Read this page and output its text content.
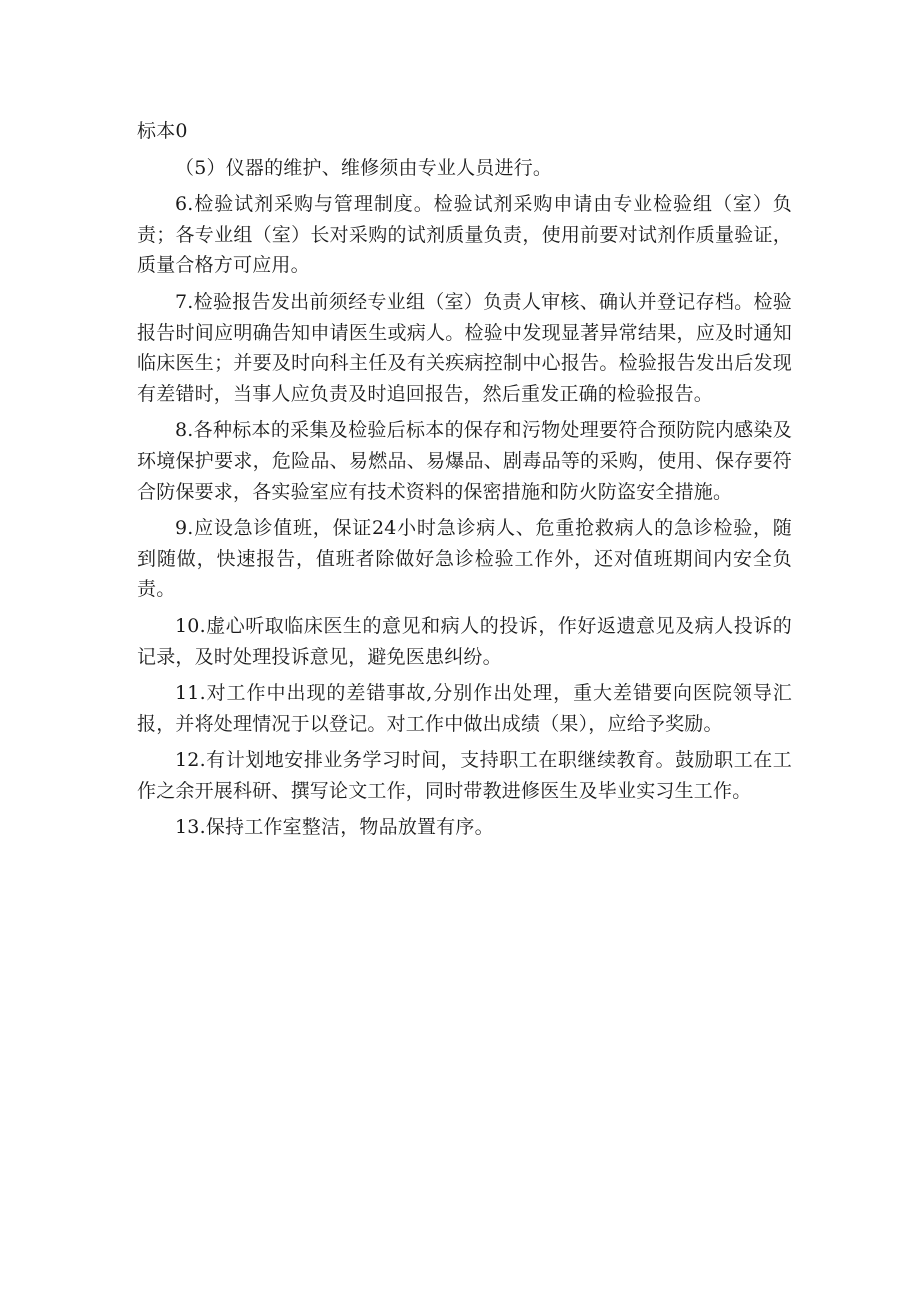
标本0

（5）仪器的维护、维修须由专业人员进行。

6.检验试剂采购与管理制度。检验试剂采购申请由专业检验组（室）负责；各专业组（室）长对采购的试剂质量负责，使用前要对试剂作质量验证，质量合格方可应用。

7.检验报告发出前须经专业组（室）负责人审核、确认并登记存档。检验报告时间应明确告知申请医生或病人。检验中发现显著异常结果，应及时通知临床医生；并要及时向科主任及有关疾病控制中心报告。检验报告发出后发现有差错时，当事人应负责及时追回报告，然后重发正确的检验报告。

8.各种标本的采集及检验后标本的保存和污物处理要符合预防院内感染及环境保护要求，危险品、易燃品、易爆品、剧毒品等的采购，使用、保存要符合防保要求，各实验室应有技术资料的保密措施和防火防盗安全措施。

9.应设急诊值班，保证24小时急诊病人、危重抢救病人的急诊检验，随到随做，快速报告，值班者除做好急诊检验工作外，还对值班期间内安全负责。

10.虚心听取临床医生的意见和病人的投诉，作好返遗意见及病人投诉的记录，及时处理投诉意见，避免医患纠纷。

11.对工作中出现的差错事故,分别作出处理，重大差错要向医院领导汇报，并将处理情况于以登记。对工作中做出成绩（果），应给予奖励。

12.有计划地安排业务学习时间，支持职工在职继续教育。鼓励职工在工作之余开展科研、撰写论文工作，同时带教进修医生及毕业实习生工作。

13.保持工作室整洁，物品放置有序。
